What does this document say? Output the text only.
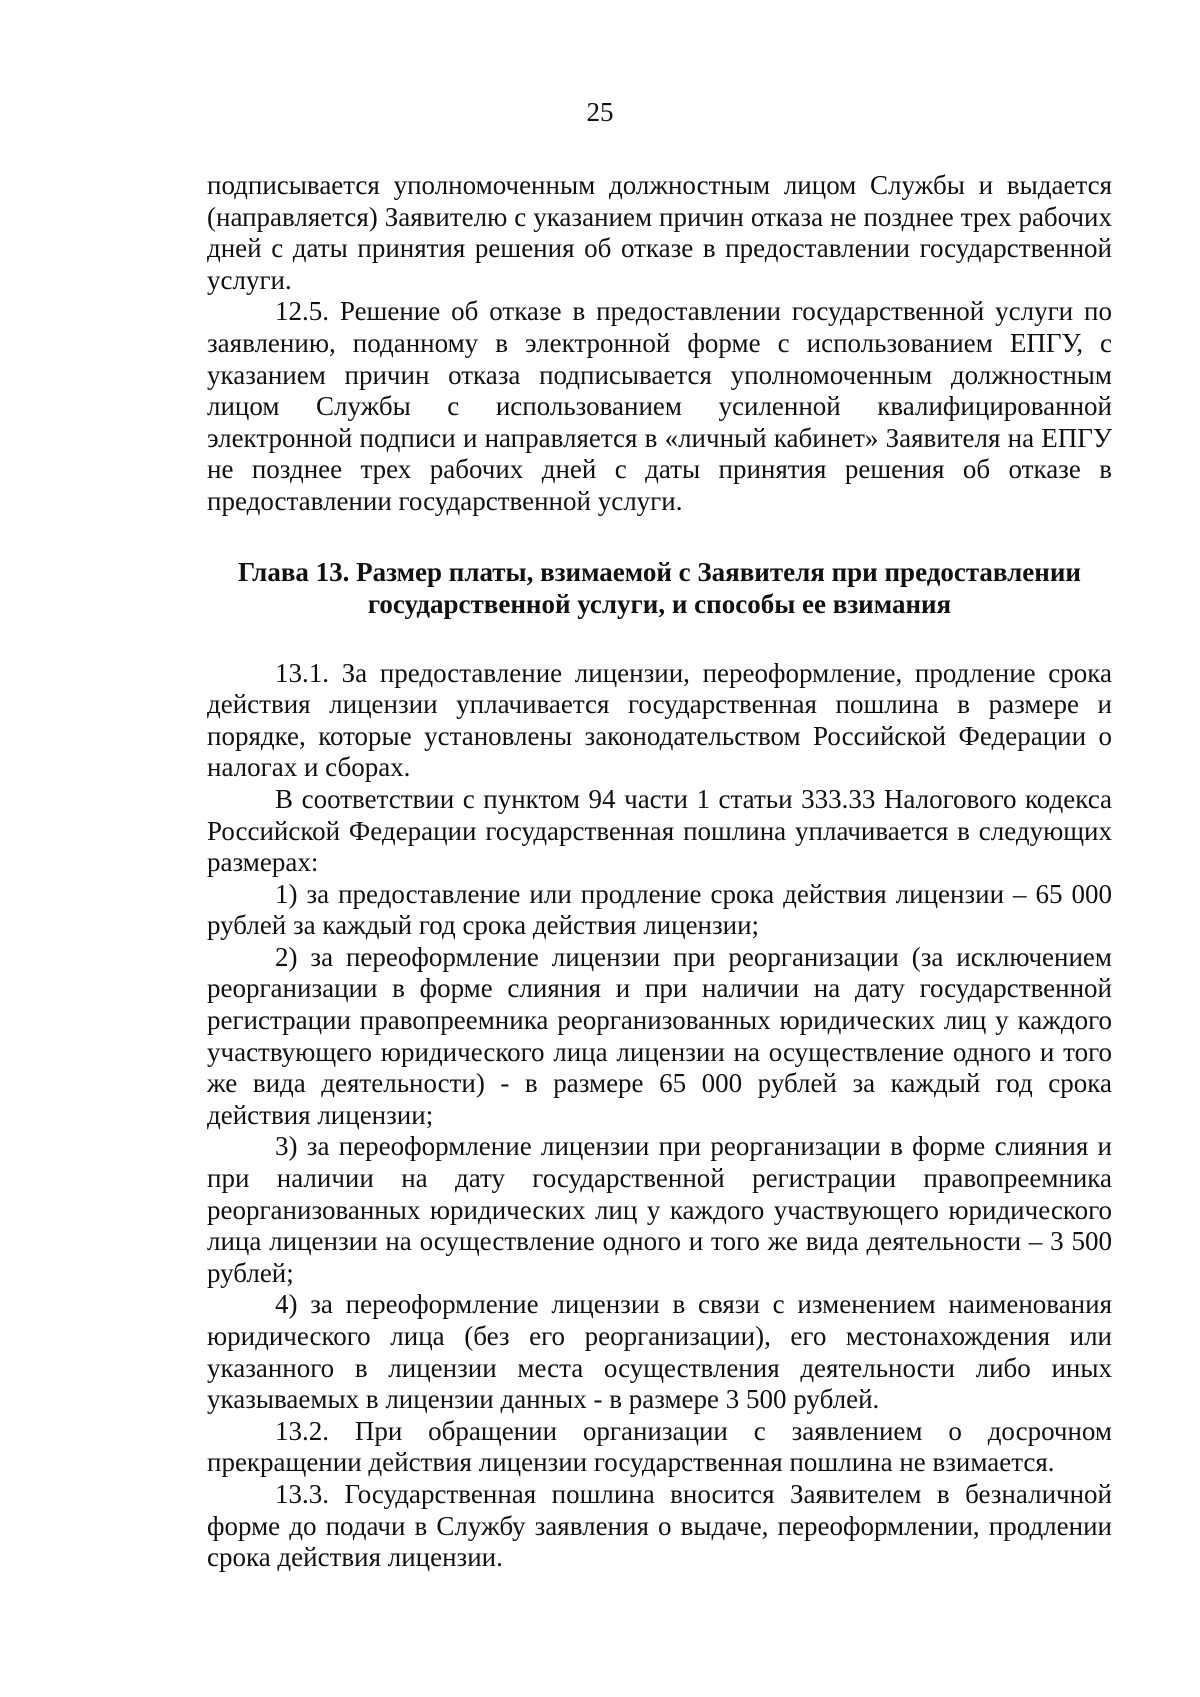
25

подписывается уполномоченным должностным лицом Службы и выдается (направляется) Заявителю с указанием причин отказа не позднее трех рабочих дней с даты принятия решения об отказе в предоставлении государственной услуги.

12.5. Решение об отказе в предоставлении государственной услуги по заявлению, поданному в электронной форме с использованием ЕПГУ, с указанием причин отказа подписывается уполномоченным должностным лицом Службы с использованием усиленной квалифицированной электронной подписи и направляется в «личный кабинет» Заявителя на ЕПГУ не позднее трех рабочих дней с даты принятия решения об отказе в предоставлении государственной услуги.

Глава 13. Размер платы, взимаемой с Заявителя при предоставлении государственной услуги, и способы ее взимания

13.1. За предоставление лицензии, переоформление, продление срока действия лицензии уплачивается государственная пошлина в размере и порядке, которые установлены законодательством Российской Федерации о налогах и сборах.

В соответствии с пунктом 94 части 1 статьи 333.33 Налогового кодекса Российской Федерации государственная пошлина уплачивается в следующих размерах:

1) за предоставление или продление срока действия лицензии – 65 000 рублей за каждый год срока действия лицензии;

2) за переоформление лицензии при реорганизации (за исключением реорганизации в форме слияния и при наличии на дату государственной регистрации правопреемника реорганизованных юридических лиц у каждого участвующего юридического лица лицензии на осуществление одного и того же вида деятельности) - в размере 65 000 рублей за каждый год срока действия лицензии;

3) за переоформление лицензии при реорганизации в форме слияния и при наличии на дату государственной регистрации правопреемника реорганизованных юридических лиц у каждого участвующего юридического лица лицензии на осуществление одного и того же вида деятельности – 3 500 рублей;

4) за переоформление лицензии в связи с изменением наименования юридического лица (без его реорганизации), его местонахождения или указанного в лицензии места осуществления деятельности либо иных указываемых в лицензии данных - в размере 3 500 рублей.

13.2. При обращении организации с заявлением о досрочном прекращении действия лицензии государственная пошлина не взимается.

13.3. Государственная пошлина вносится Заявителем в безналичной форме до подачи в Службу заявления о выдаче, переоформлении, продлении срока действия лицензии.
